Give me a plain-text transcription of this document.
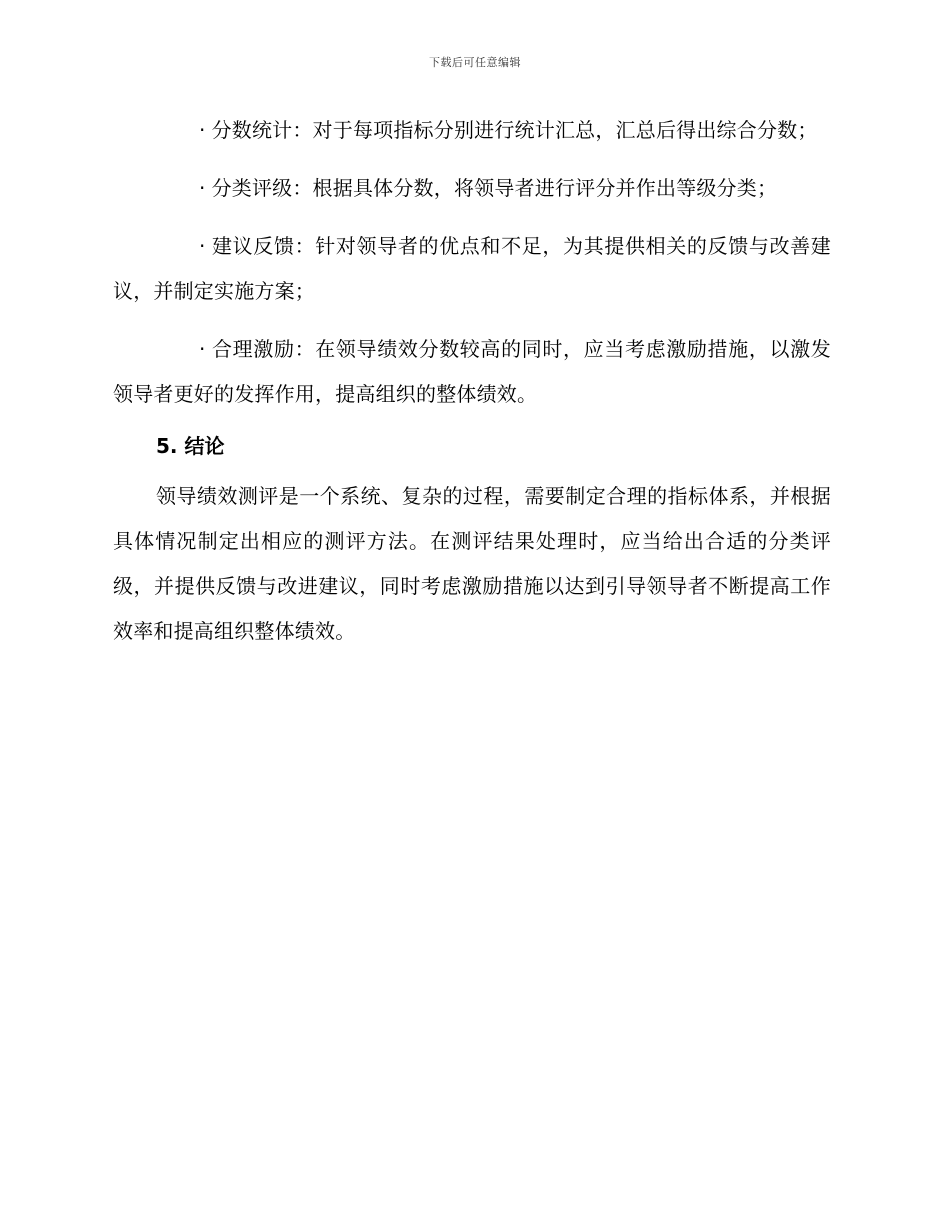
下载后可任意编辑

· 分数统计：对于每项指标分别进行统计汇总，汇总后得出综合分数；

· 分类评级：根据具体分数，将领导者进行评分并作出等级分类；

· 建议反馈：针对领导者的优点和不足，为其提供相关的反馈与改善建议，并制定实施方案；

· 合理激励：在领导绩效分数较高的同时，应当考虑激励措施，以激发领导者更好的发挥作用，提高组织的整体绩效。

5. 结论

领导绩效测评是一个系统、复杂的过程，需要制定合理的指标体系，并根据具体情况制定出相应的测评方法。在测评结果处理时，应当给出合适的分类评级，并提供反馈与改进建议，同时考虑激励措施以达到引导领导者不断提高工作效率和提高组织整体绩效。
